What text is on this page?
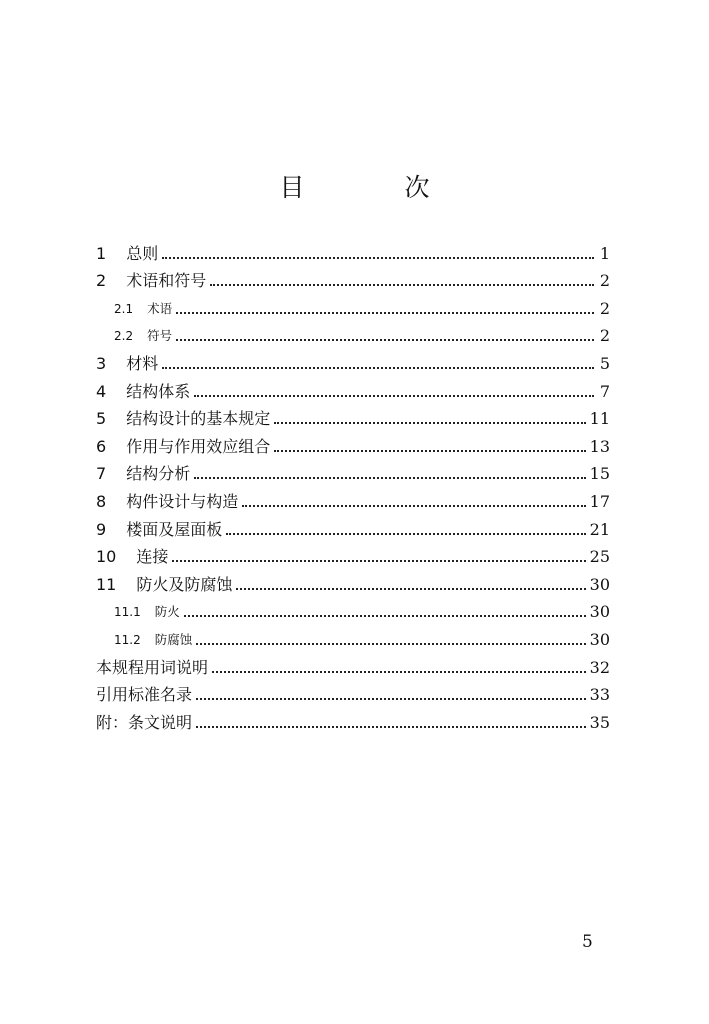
目 次
1 总则	1
2 术语和符号	2
2.1 术语	2
2.2 符号	2
3 材料	5
4 结构体系	7
5 结构设计的基本规定	11
6 作用与作用效应组合	13
7 结构分析	15
8 构件设计与构造	17
9 楼面及屋面板	21
10 连接	25
11 防火及防腐蚀	30
11.1 防火	30
11.2 防腐蚀	30
本规程用词说明	32
引用标准名录	33
附：条文说明	35
5
